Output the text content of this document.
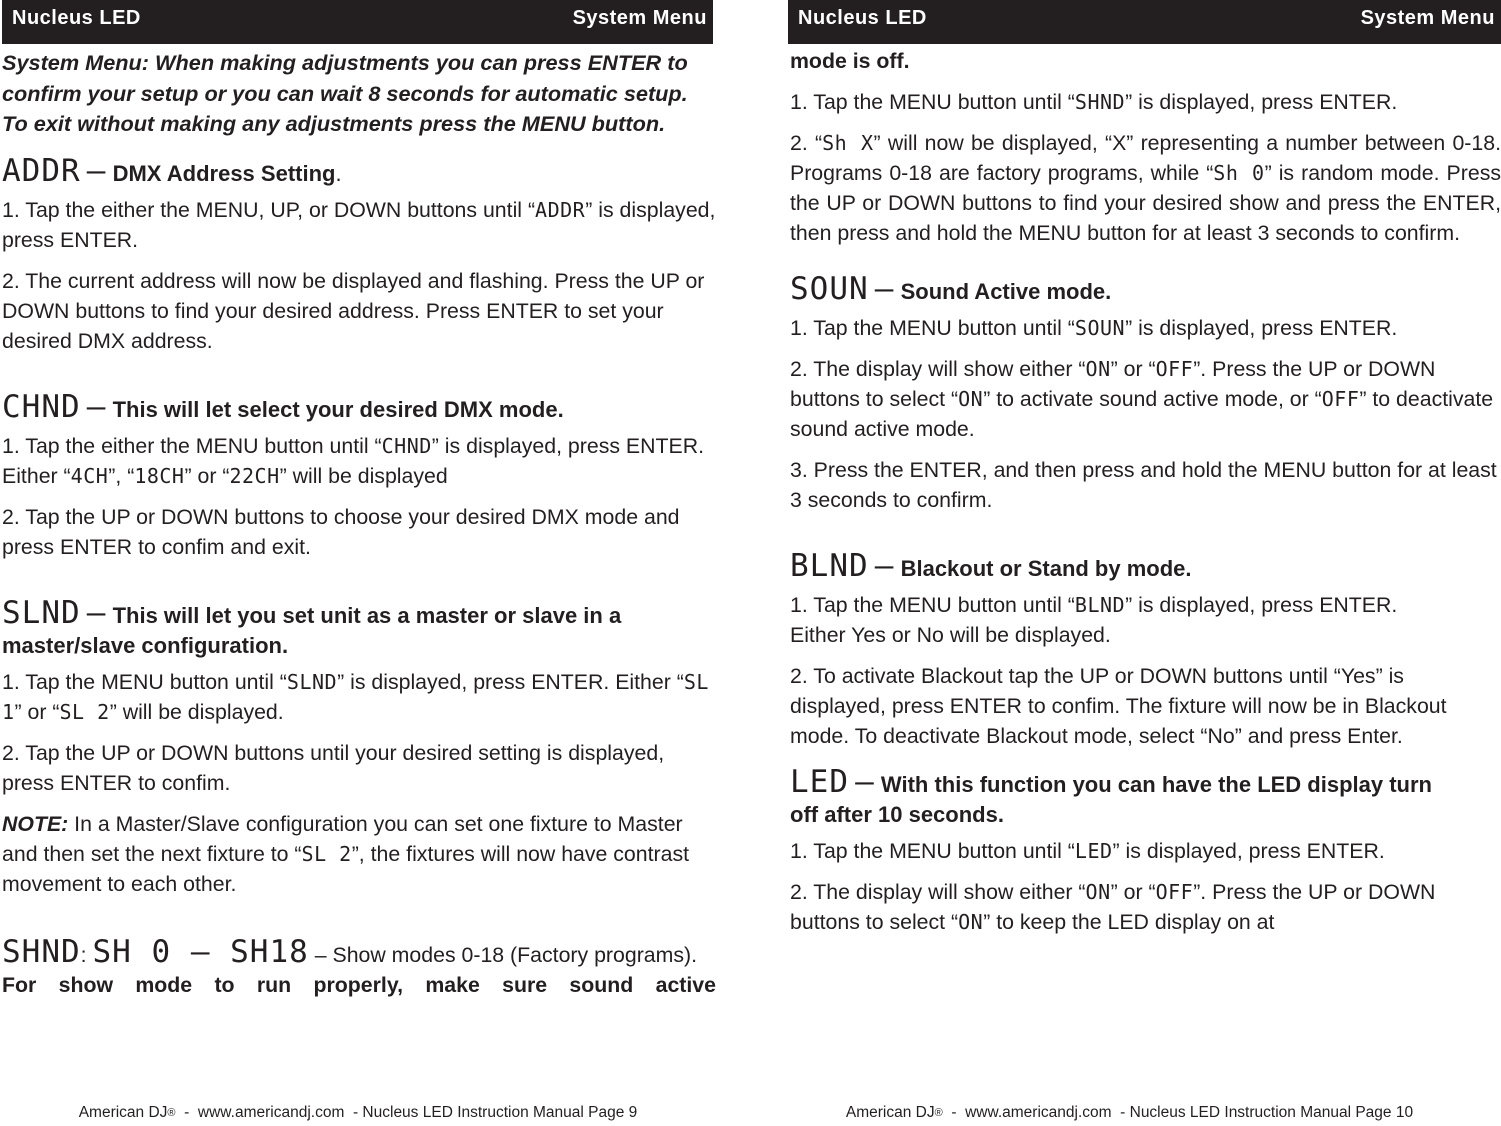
Nucleus LED	System Menu

System Menu: When making adjustments you can press ENTER to confirm your setup or you can wait 8 seconds for automatic setup. To exit without making any adjustments press the MENU button.

ADDR – DMX Address Setting.

1. Tap the either the MENU, UP, or DOWN buttons until “ADDR” is displayed, press ENTER.

2. The current address will now be displayed and flashing. Press the UP or DOWN buttons to find your desired address. Press ENTER to set your desired DMX address.

CHND – This will let select your desired DMX mode.

1. Tap the either the MENU button until “CHND” is displayed, press ENTER. Either “4CH”, “18CH” or “22CH” will be displayed

2. Tap the UP or DOWN buttons to choose your desired DMX mode and press ENTER to confim and exit.

SLND – This will let you set unit as a master or slave in a master/slave configuration.

1. Tap the MENU button until “SLND” is displayed, press ENTER. Either “SL 1” or “SL 2” will be displayed.

2. Tap the UP or DOWN buttons until your desired setting is displayed, press ENTER to confim.

NOTE: In a Master/Slave configuration you can set one fixture to Master and then set the next fixture to “SL 2”, the fixtures will now have contrast movement to each other.

SHND: SH 0 – SH18 – Show modes 0-18 (Factory programs).

For show mode to run properly, make sure sound active

American DJ®  -  www.americandj.com  - Nucleus LED Instruction Manual Page 9
Nucleus LED	System Menu

mode is off.

1. Tap the MENU button until “SHND” is displayed, press ENTER.

2. “Sh X” will now be displayed, “X” representing a number between 0-18. Programs 0-18 are factory programs, while “Sh 0” is random mode. Press the UP or DOWN buttons to find your desired show and press the ENTER, then press and hold the MENU button for at least 3 seconds to confirm.

SOUN – Sound Active mode.

1. Tap the MENU button until “SOUN” is displayed, press ENTER.

2. The display will show either “ON” or “OFF”. Press the UP or DOWN buttons to select “ON” to activate sound active mode, or “OFF” to deactivate sound active mode.

3. Press the ENTER, and then press and hold the MENU button for at least 3 seconds to confirm.

BLND – Blackout or Stand by mode.

1. Tap the MENU button until “BLND” is displayed, press ENTER. Either Yes or No will be displayed.

2. To activate Blackout tap the UP or DOWN buttons until “Yes” is displayed, press ENTER to confim. The fixture will now be in Blackout mode. To deactivate Blackout mode, select “No” and press Enter.

LED – With this function you can have the LED display turn off after 10 seconds.

1. Tap the MENU button until “LED” is displayed, press ENTER.

2. The display will show either “ON” or “OFF”. Press the UP or DOWN buttons to select “ON” to keep the LED display on at

American DJ®  -  www.americandj.com  - Nucleus LED Instruction Manual Page 10
